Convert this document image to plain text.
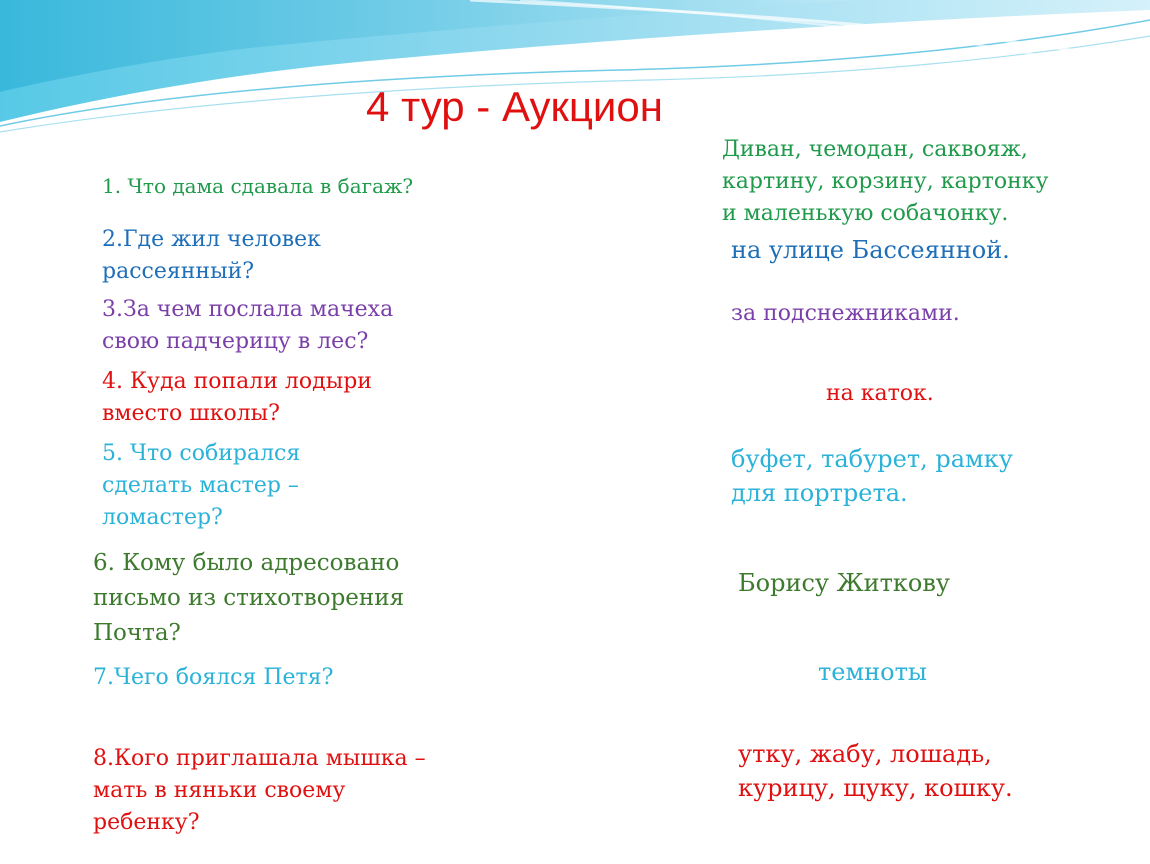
4 тур - Аукцион
1. Что дама сдавала в багаж?
Диван, чемодан, саквояж,
картину, корзину, картонку
и маленькую собачонку.
2.Где жил человек
рассеянный?
на улице Бассеянной.
3.За чем послала мачеха
свою падчерицу в лес?
за подснежниками.
4. Куда попали лодыри
вместо школы?
на каток.
5. Что собирался
сделать мастер –
ломастер?
буфет, табурет, рамку
для портрета.
6. Кому было адресовано
письмо из стихотворения
Почта?
Борису Житкову
7.Чего боялся Петя?	темноты
8.Кого приглашала мышка –
мать в няньки своему
ребенку?
утку, жабу, лошадь,
курицу, щуку, кошку.
